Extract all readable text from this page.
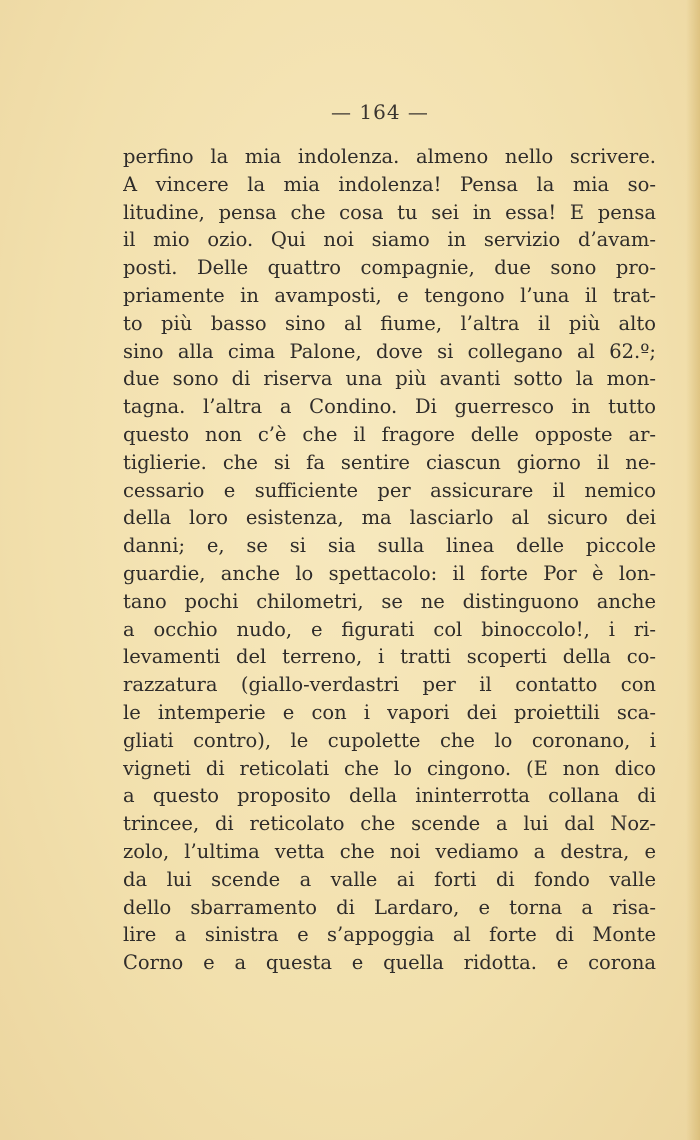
— 164 —
perfino la mia indolenza. almeno nello scrivere.
A vincere la mia indolenza! Pensa la mia so-
litudine, pensa che cosa tu sei in essa! E pensa
il mio ozio. Qui noi siamo in servizio d’avam-
posti. Delle quattro compagnie, due sono pro-
priamente in avamposti, e tengono l’una il trat-
to più basso sino al fiume, l’altra il più alto
sino alla cima Palone, dove si collegano al 62.º;
due sono di riserva una più avanti sotto la mon-
tagna. l’altra a Condino. Di guerresco in tutto
questo non c’è che il fragore delle opposte ar-
tiglierie. che si fa sentire ciascun giorno il ne-
cessario e sufficiente per assicurare il nemico
della loro esistenza, ma lasciarlo al sicuro dei
danni; e, se si sia sulla linea delle piccole
guardie, anche lo spettacolo: il forte Por è lon-
tano pochi chilometri, se ne distinguono anche
a occhio nudo, e figurati col binoccolo!, i ri-
levamenti del terreno, i tratti scoperti della co-
razzatura (giallo-verdastri per il contatto con
le intemperie e con i vapori dei proiettili sca-
gliati contro), le cupolette che lo coronano, i
vigneti di reticolati che lo cingono. (E non dico
a questo proposito della ininterrotta collana di
trincee, di reticolato che scende a lui dal Noz-
zolo, l’ultima vetta che noi vediamo a destra, e
da lui scende a valle ai forti di fondo valle
dello sbarramento di Lardaro, e torna a risa-
lire a sinistra e s’appoggia al forte di Monte
Corno e a questa e quella ridotta. e corona
